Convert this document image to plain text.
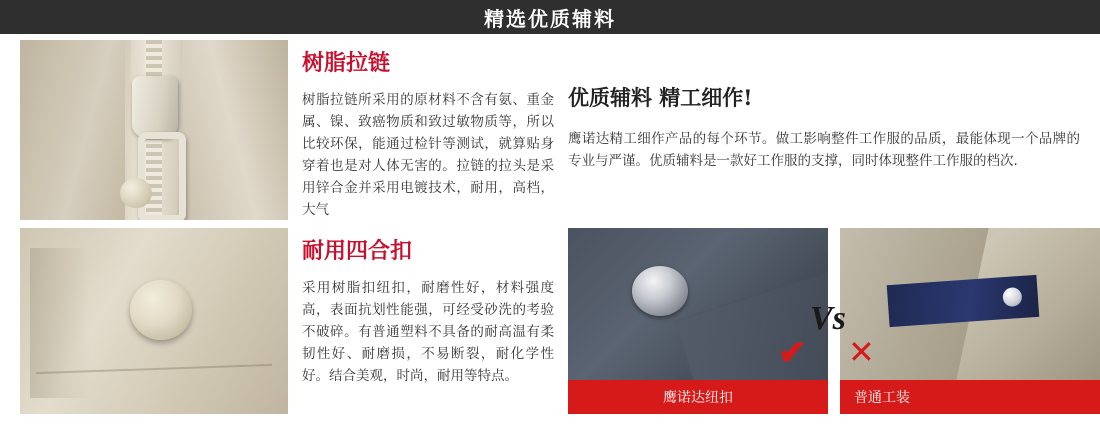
精选优质辅料
树脂拉链
树脂拉链所采用的原材料不含有氨、重金属、镍、致癌物质和致过敏物质等，所以比较环保，能通过检针等测试，就算贴身穿着也是对人体无害的。拉链的拉头是采用锌合金并采用电镀技术，耐用，高档，大气
优质辅料 精工细作!
鹰诺达精工细作产品的每个环节。做工影响整件工作服的品质，最能体现一个品牌的专业与严谨。优质辅料是一款好工作服的支撑，同时体现整件工作服的档次.
耐用四合扣
采用树脂扣纽扣，耐磨性好，材料强度高，表面抗划性能强，可经受砂洗的考验不破碎。有普通塑料不具备的耐高温有柔韧性好、耐磨损，不易断裂，耐化学性好。结合美观，时尚，耐用等特点。
鹰诺达纽扣	普通工装
✔
Vs
✕
